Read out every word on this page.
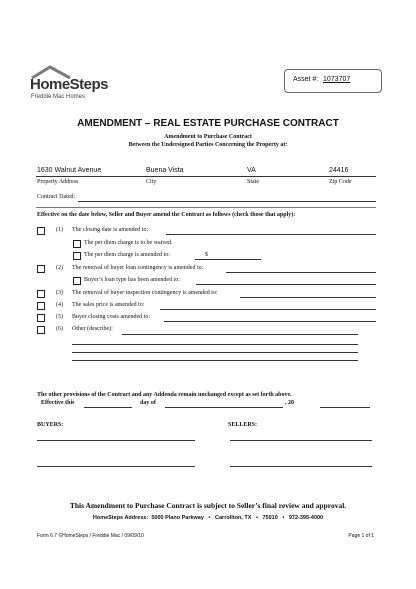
HomeSteps
Freddie Mac Homes
Asset #: 1073707
AMENDMENT – REAL ESTATE PURCHASE CONTRACT
Amendment to Purchase Contract
Between the Undersigned Parties Concerning the Property at:
1630 Walnut Avenue	Buena Vista	VA	24416
Property Address	City	State	Zip Code
Contract Dated:
Effective on the date below, Seller and Buyer amend the Contract as follows (check those that apply):
(1) The closing date is amended to:
The per diem charge is to be waived.
The per diem charge is amended to:	$
(2) The removal of buyer loan contingency is amended to:
Buyer’s loan type has been amended to:
(3) The removal of buyer inspection contingency is amended to:
(4) The sales price is amended to:
(5) Buyer closing costs amended to:
(6) Other (describe):
The other provisions of the Contract and any Addenda remain unchanged except as set forth above.
Effective this	day of	, 20
BUYERS:	SELLERS:
This Amendment to Purchase Contract is subject to Seller’s final review and approval.
HomeSteps Address:  5000 Plano Parkway   •   Carrollton, TX   •   75010   •   972-395-4000
Form 6.7 ©HomeSteps / Freddie Mac / 09/09/10	Page 1 of 1
